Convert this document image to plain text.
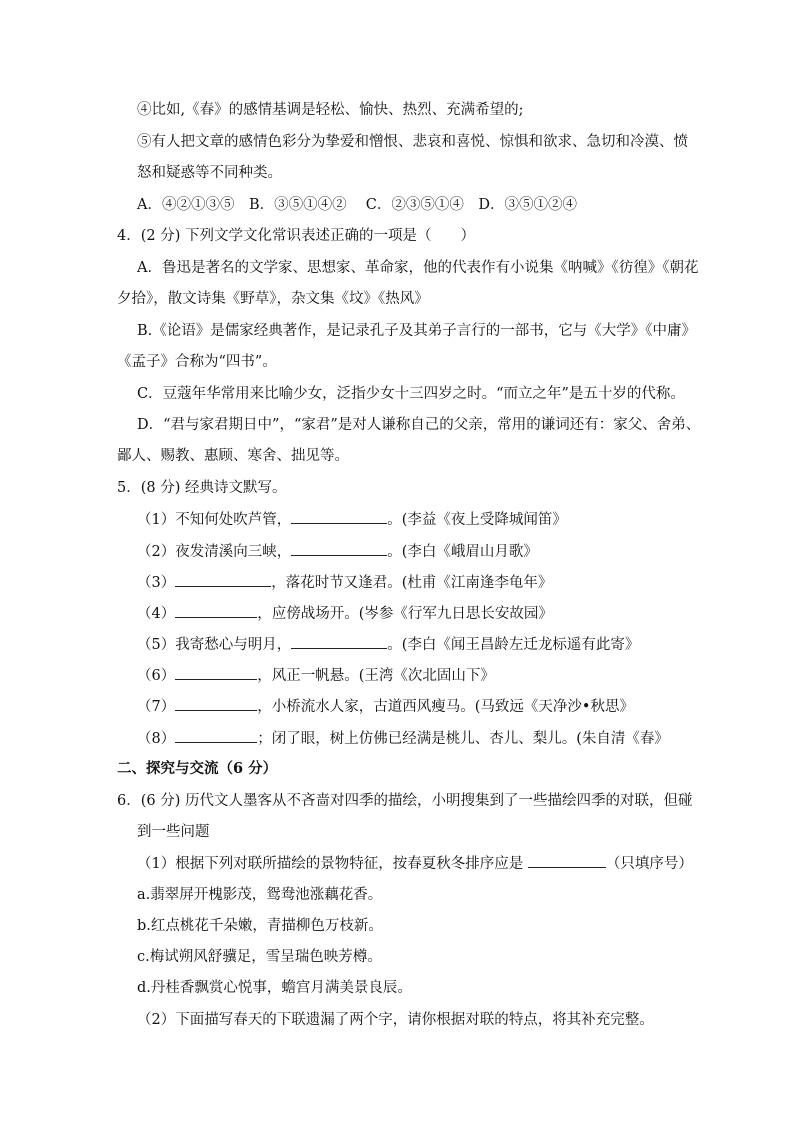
④比如,《春》的感情基调是轻松、愉快、热烈、充满希望的;
⑤有人把文章的感情色彩分为挚爱和憎恨、悲哀和喜悦、惊惧和欲求、急切和冷漠、愤
怒和疑惑等不同种类。
A．④②①③⑤　B．③⑤①④②　 C．②③⑤①④　D．③⑤①②④
4．(2 分) 下列文学文化常识表述正确的一项是（　　）
A．鲁迅是著名的文学家、思想家、革命家，他的代表作有小说集《呐喊》《彷徨》《朝花
夕拾》，散文诗集《野草》，杂文集《坟》《热风》
B.《论语》是儒家经典著作，是记录孔子及其弟子言行的一部书，它与《大学》《中庸》
《孟子》合称为“四书”。
C．豆蔻年华常用来比喻少女，泛指少女十三四岁之时。“而立之年”是五十岁的代称。
D．“君与家君期日中”，“家君”是对人谦称自己的父亲，常用的谦词还有：家父、舍弟、
鄙人、赐教、惠顾、寒舍、拙见等。
5．(8 分) 经典诗文默写。
（1）不知何处吹芦管，	。(李益《夜上受降城闻笛》
（2）夜发清溪向三峡，	。(李白《峨眉山月歌》
（3）	，落花时节又逢君。(杜甫《江南逢李龟年》
（4）	，应傍战场开。(岑参《行军九日思长安故园》
（5）我寄愁心与明月，	。(李白《闻王昌龄左迁龙标遥有此寄》
（6）	，风正一帆悬。(王湾《次北固山下》
（7）	，小桥流水人家，古道西风瘦马。(马致远《天净沙•秋思》
（8）	；闭了眼，树上仿佛已经满是桃儿、杏儿、梨儿。(朱自清《春》
二、探究与交流（6 分）
6．(6 分) 历代文人墨客从不吝啬对四季的描绘，小明搜集到了一些描绘四季的对联，但碰
到一些问题
（1）根据下列对联所描绘的景物特征，按春夏秋冬排序应是	（只填序号）
a.翡翠屏开槐影茂，鸳鸯池涨藕花香。
b.红点桃花千朵嫩，青描柳色万枝新。
c.梅试朔风舒骥足，雪呈瑞色映芳樽。
d.丹桂香飘赏心悦事，蟾宫月满美景良辰。
（2）下面描写春天的下联遗漏了两个字，请你根据对联的特点，将其补充完整。
